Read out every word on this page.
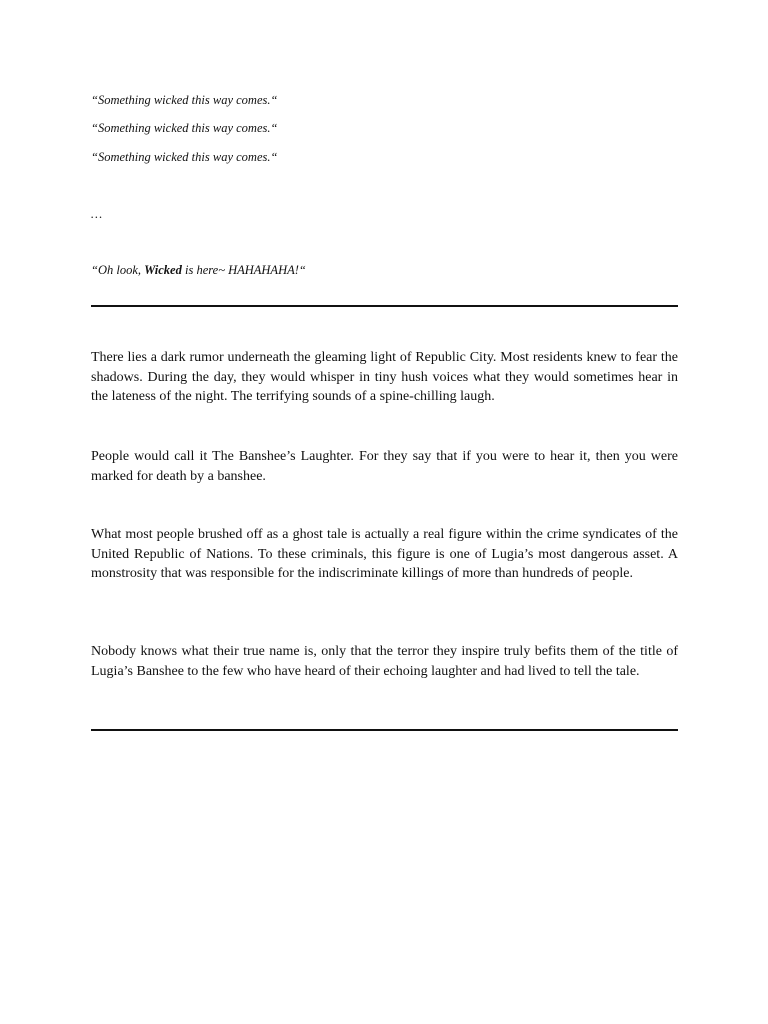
“Something wicked this way comes.“
“Something wicked this way comes.“
“Something wicked this way comes.“
…
“Oh look, Wicked is here~ HAHAHAHA!“

There lies a dark rumor underneath the gleaming light of Republic City. Most residents knew to fear the shadows. During the day, they would whisper in tiny hush voices what they would sometimes hear in the lateness of the night. The terrifying sounds of a spine-chilling laugh.

People would call it The Banshee’s Laughter. For they say that if you were to hear it, then you were marked for death by a banshee.

What most people brushed off as a ghost tale is actually a real figure within the crime syndicates of the United Republic of Nations. To these criminals, this figure is one of Lugia’s most dangerous asset. A monstrosity that was responsible for the indiscriminate killings of more than hundreds of people.

Nobody knows what their true name is, only that the terror they inspire truly befits them of the title of Lugia’s Banshee to the few who have heard of their echoing laughter and had lived to tell the tale.
